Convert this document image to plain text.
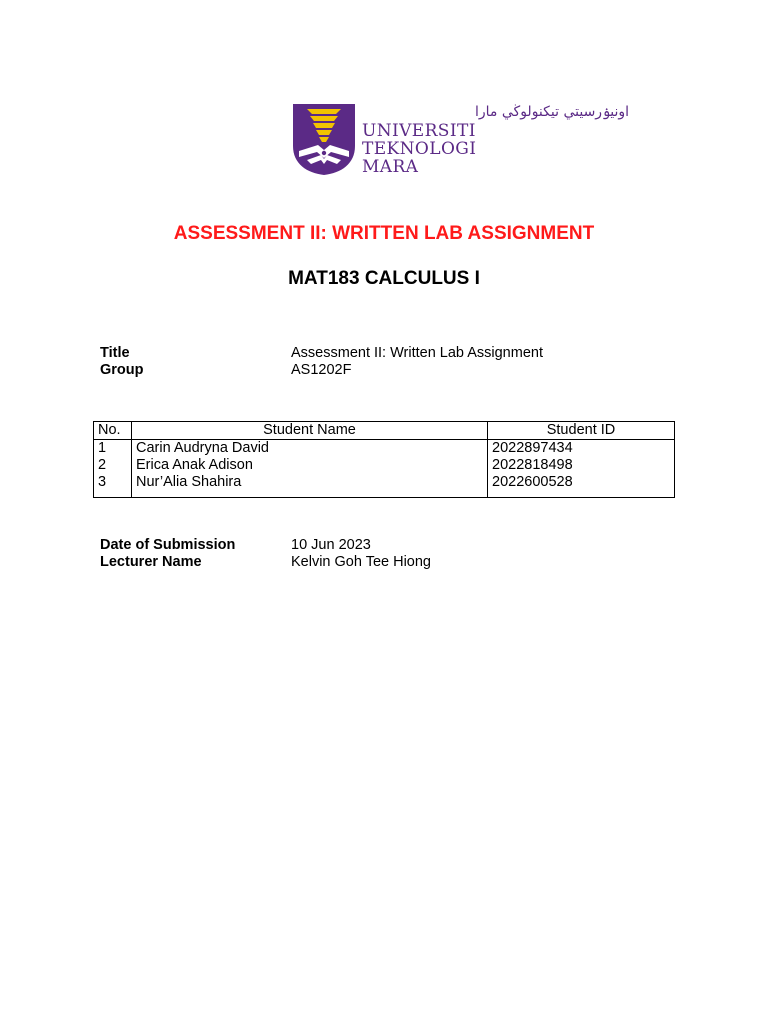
اونيۏرسيتي تيكنولوڬي مارا
UNIVERSITI
TEKNOLOGI
MARA
ASSESSMENT II: WRITTEN LAB ASSIGNMENT
MAT183 CALCULUS I
Title	Assessment II: Written Lab Assignment
Group	AS1202F
No.	Student Name	Student ID
1	Carin Audryna David	2022897434
2	Erica Anak Adison	2022818498
3	Nur’Alia Shahira	2022600528
Date of Submission	10 Jun 2023
Lecturer Name	Kelvin Goh Tee Hiong
